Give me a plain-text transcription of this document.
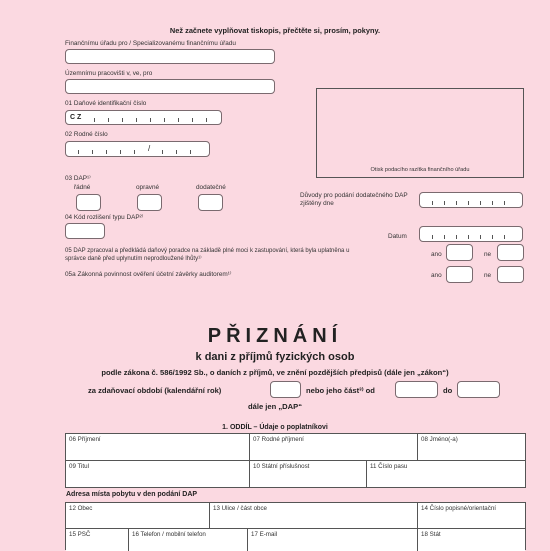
Než začnete vyplňovat tiskopis, přečtěte si, prosím, pokyny.
Finančnímu úřadu pro / Specializovanému finančnímu úřadu
Územnímu pracovišti v, ve, pro
01 Daňové identifikační číslo
C Z
02 Rodné číslo
/
Otisk podacího razítka finančního úřadu
03 DAP¹⁾
řádné	opravné	dodatečné
Důvody pro podání dodatečného DAP zjištěny dne
04 Kód rozlišení typu DAP²⁾
Datum
05 DAP zpracoval a předkládá daňový poradce na základě plné moci k zastupování, která byla uplatněna u správce daně před uplynutím neprodloužené lhůty¹⁾
ano	ne
05a Zákonná povinnost ověření účetní závěrky auditorem¹⁾	ano	ne
PŘIZNÁNÍ
k dani z příjmů fyzických osob
podle zákona č. 586/1992 Sb., o daních z příjmů, ve znění pozdějších předpisů (dále jen „zákon“)
za zdaňovací období (kalendářní rok)	nebo jeho část³⁾ od	do
dále jen „DAP“
1. ODDÍL – Údaje o poplatníkovi
06 Příjmení	07 Rodné příjmení	08 Jméno(-a)
09 Titul	10 Státní příslušnost	11 Číslo pasu
Adresa místa pobytu v den podání DAP
12 Obec	13 Ulice / část obce	14 Číslo popisné/orientační
15 PSČ	16 Telefon / mobilní telefon	17 E-mail	18 Stát
